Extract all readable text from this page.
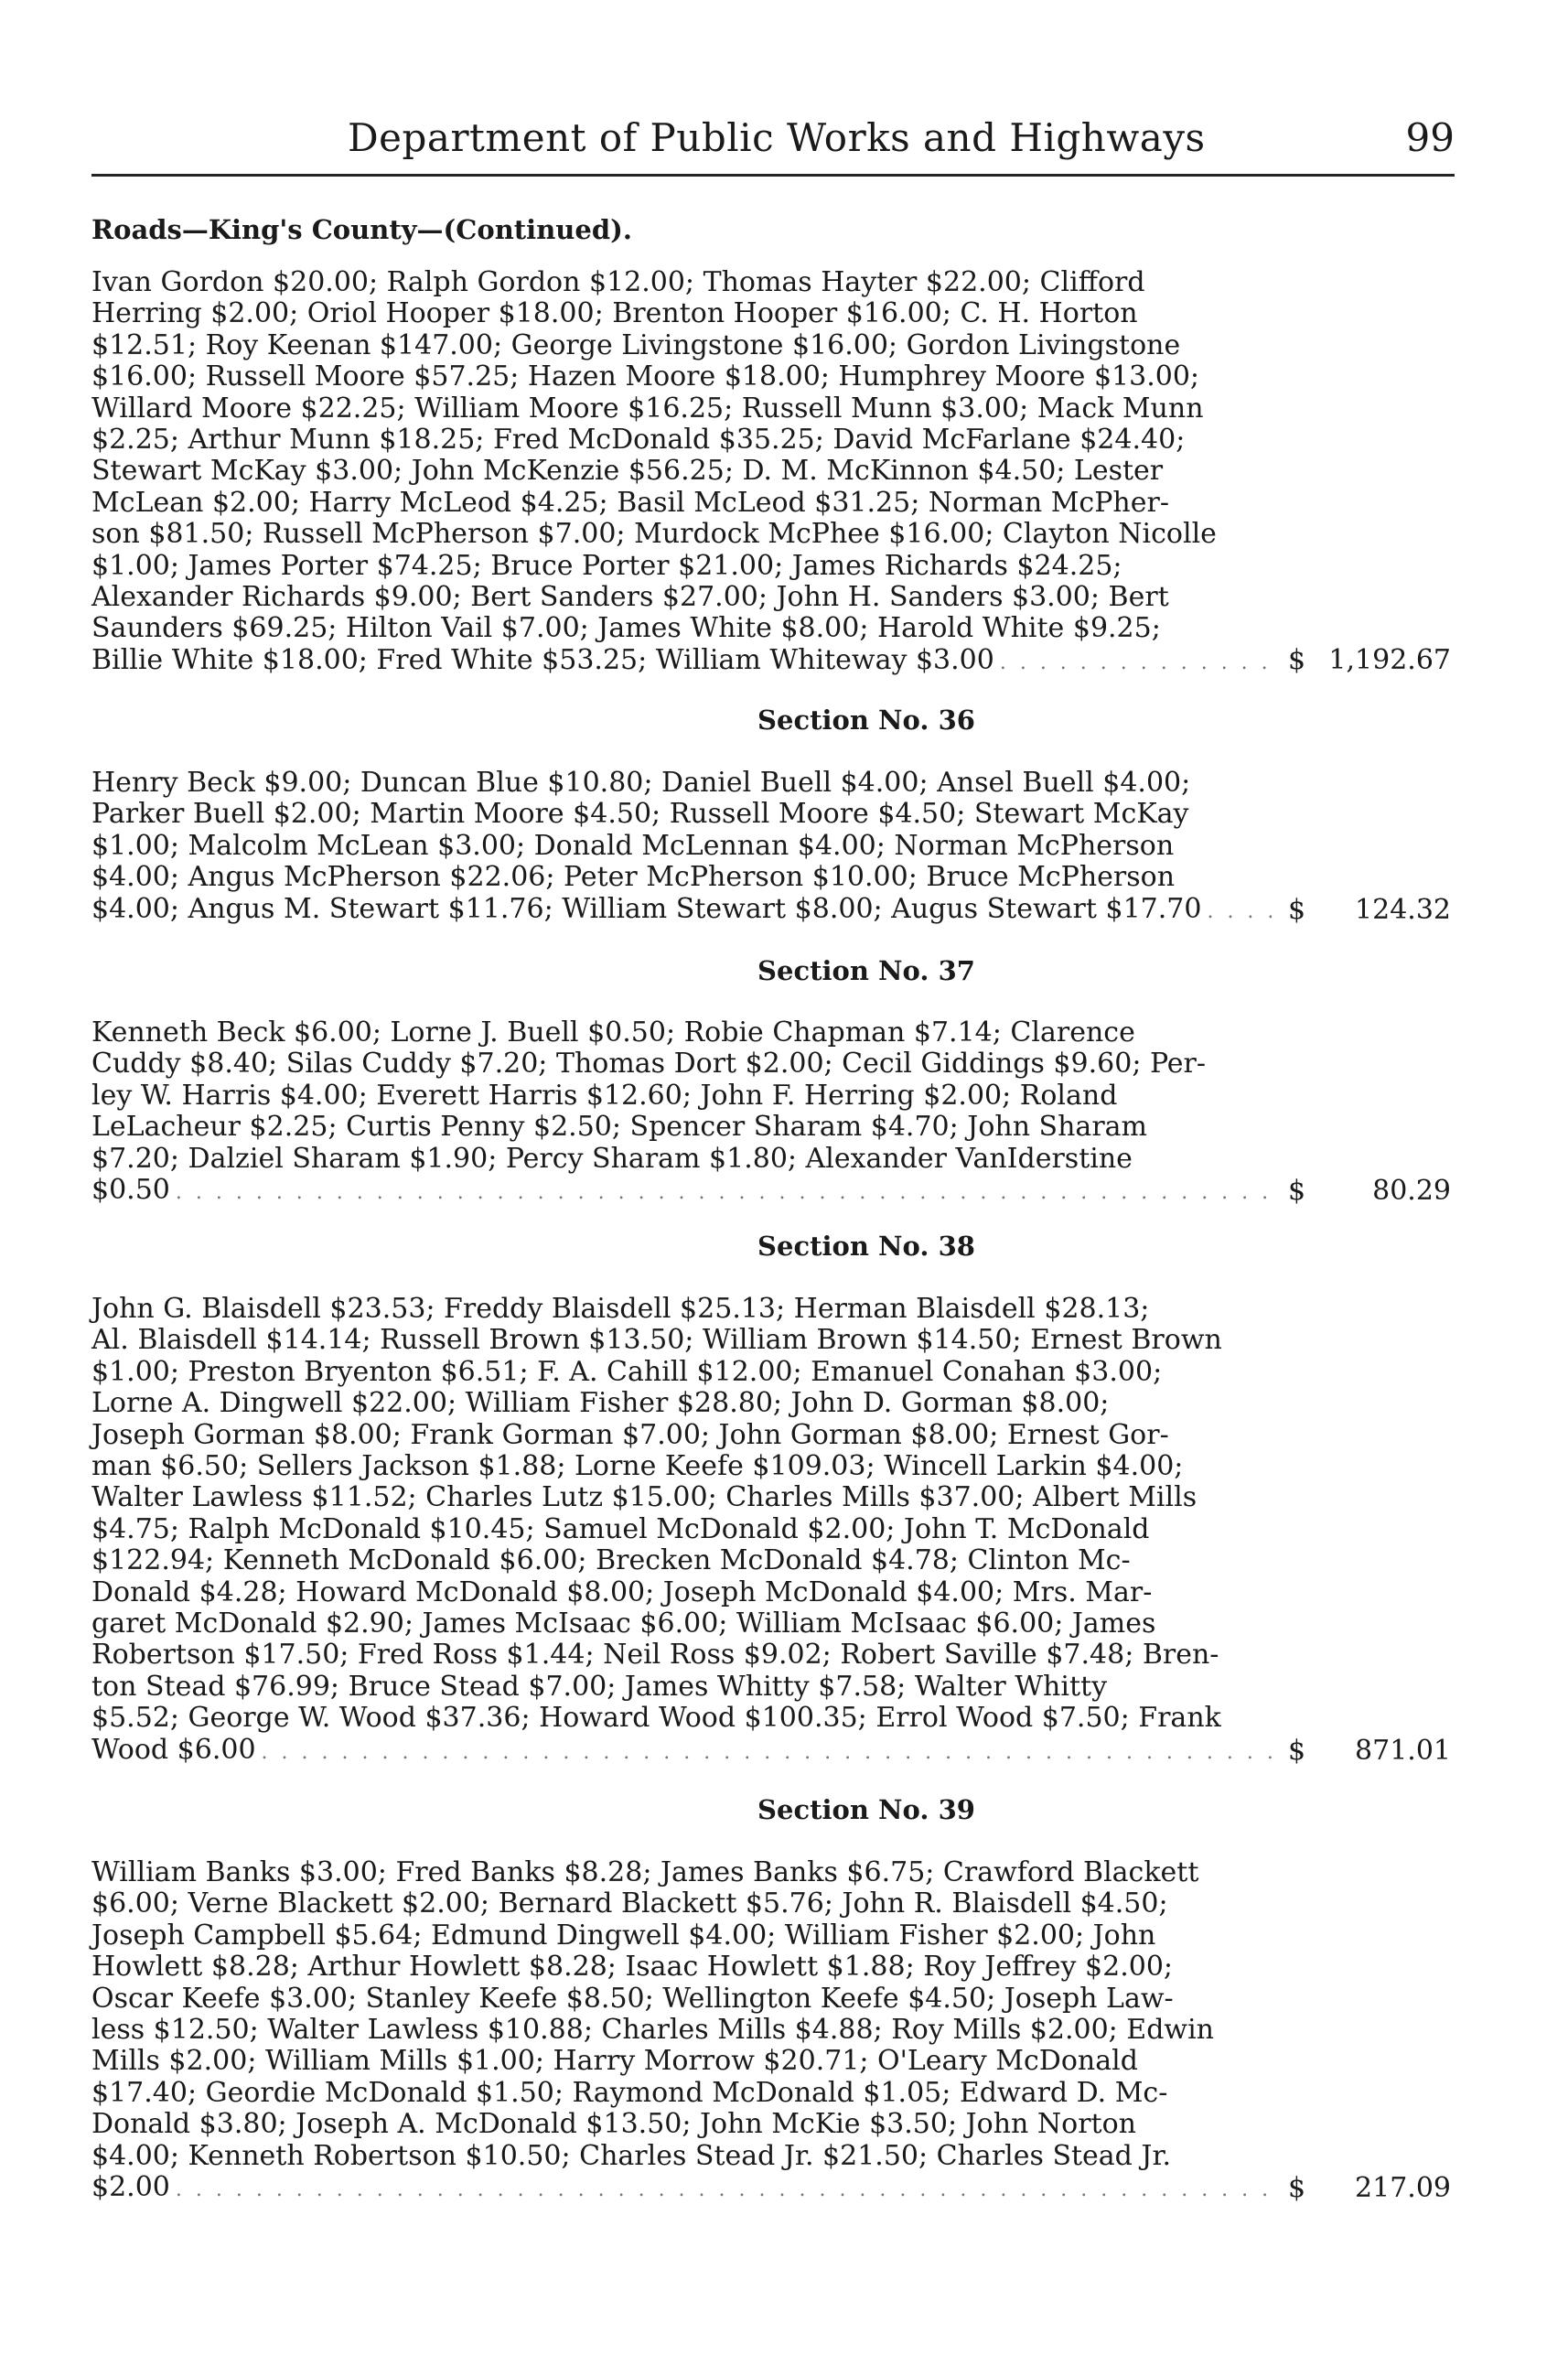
Department of Public Works and Highways	99
Roads—King's County—(Continued).
Ivan Gordon $20.00; Ralph Gordon $12.00; Thomas Hayter $22.00; Clifford
Herring $2.00; Oriol Hooper $18.00; Brenton Hooper $16.00; C. H. Horton
$12.51; Roy Keenan $147.00; George Livingstone $16.00; Gordon Livingstone
$16.00; Russell Moore $57.25; Hazen Moore $18.00; Humphrey Moore $13.00;
Willard Moore $22.25; William Moore $16.25; Russell Munn $3.00; Mack Munn
$2.25; Arthur Munn $18.25; Fred McDonald $35.25; David McFarlane $24.40;
Stewart McKay $3.00; John McKenzie $56.25; D. M. McKinnon $4.50; Lester
McLean $2.00; Harry McLeod $4.25; Basil McLeod $31.25; Norman McPher-
son $81.50; Russell McPherson $7.00; Murdock McPhee $16.00; Clayton Nicolle
$1.00; James Porter $74.25; Bruce Porter $21.00; James Richards $24.25;
Alexander Richards $9.00; Bert Sanders $27.00; John H. Sanders $3.00; Bert
Saunders $69.25; Hilton Vail $7.00; James White $8.00; Harold White $9.25;
Billie White $18.00; Fred White $53.25; William Whiteway $3.00 . . .	$ 1,192.67
Section No. 36
Henry Beck $9.00; Duncan Blue $10.80; Daniel Buell $4.00; Ansel Buell $4.00;
Parker Buell $2.00; Martin Moore $4.50; Russell Moore $4.50; Stewart McKay
$1.00; Malcolm McLean $3.00; Donald McLennan $4.00; Norman McPherson
$4.00; Angus McPherson $22.06; Peter McPherson $10.00; Bruce McPherson
$4.00; Angus M. Stewart $11.76; William Stewart $8.00; Augus Stewart $17.70 . . .	$ 124.32
Section No. 37
Kenneth Beck $6.00; Lorne J. Buell $0.50; Robie Chapman $7.14; Clarence
Cuddy $8.40; Silas Cuddy $7.20; Thomas Dort $2.00; Cecil Giddings $9.60; Per-
ley W. Harris $4.00; Everett Harris $12.60; John F. Herring $2.00; Roland
LeLacheur $2.25; Curtis Penny $2.50; Spencer Sharam $4.70; John Sharam
$7.20; Dalziel Sharam $1.90; Percy Sharam $1.80; Alexander VanIderstine
$0.50 . . .	$ 80.29
Section No. 38
John G. Blaisdell $23.53; Freddy Blaisdell $25.13; Herman Blaisdell $28.13;
Al. Blaisdell $14.14; Russell Brown $13.50; William Brown $14.50; Ernest Brown
$1.00; Preston Bryenton $6.51; F. A. Cahill $12.00; Emanuel Conahan $3.00;
Lorne A. Dingwell $22.00; William Fisher $28.80; John D. Gorman $8.00;
Joseph Gorman $8.00; Frank Gorman $7.00; John Gorman $8.00; Ernest Gor-
man $6.50; Sellers Jackson $1.88; Lorne Keefe $109.03; Wincell Larkin $4.00;
Walter Lawless $11.52; Charles Lutz $15.00; Charles Mills $37.00; Albert Mills
$4.75; Ralph McDonald $10.45; Samuel McDonald $2.00; John T. McDonald
$122.94; Kenneth McDonald $6.00; Brecken McDonald $4.78; Clinton Mc-
Donald $4.28; Howard McDonald $8.00; Joseph McDonald $4.00; Mrs. Mar-
garet McDonald $2.90; James McIsaac $6.00; William McIsaac $6.00; James
Robertson $17.50; Fred Ross $1.44; Neil Ross $9.02; Robert Saville $7.48; Bren-
ton Stead $76.99; Bruce Stead $7.00; James Whitty $7.58; Walter Whitty
$5.52; George W. Wood $37.36; Howard Wood $100.35; Errol Wood $7.50; Frank
Wood $6.00 . . .	$ 871.01
Section No. 39
William Banks $3.00; Fred Banks $8.28; James Banks $6.75; Crawford Blackett
$6.00; Verne Blackett $2.00; Bernard Blackett $5.76; John R. Blaisdell $4.50;
Joseph Campbell $5.64; Edmund Dingwell $4.00; William Fisher $2.00; John
Howlett $8.28; Arthur Howlett $8.28; Isaac Howlett $1.88; Roy Jeffrey $2.00;
Oscar Keefe $3.00; Stanley Keefe $8.50; Wellington Keefe $4.50; Joseph Law-
less $12.50; Walter Lawless $10.88; Charles Mills $4.88; Roy Mills $2.00; Edwin
Mills $2.00; William Mills $1.00; Harry Morrow $20.71; O'Leary McDonald
$17.40; Geordie McDonald $1.50; Raymond McDonald $1.05; Edward D. Mc-
Donald $3.80; Joseph A. McDonald $13.50; John McKie $3.50; John Norton
$4.00; Kenneth Robertson $10.50; Charles Stead Jr. $21.50; Charles Stead Jr.
$2.00 . . .	$ 217.09
